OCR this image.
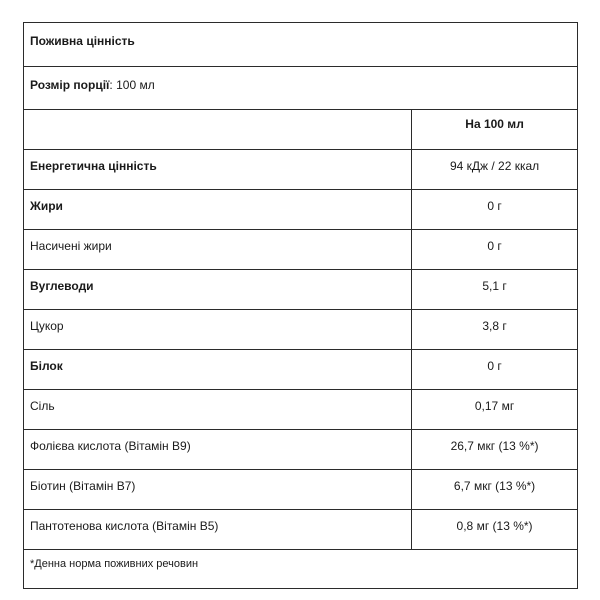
Поживна цінність	
Розмір порції: 100 мл	
	На 100 мл
Енергетична цінність	94 кДж / 22 ккал
Жири	0 г
Насичені жири	0 г
Вуглеводи	5,1 г
Цукор	3,8 г
Білок	0 г
Сіль	0,17 мг
Фолієва кислота (Вітамін В9)	26,7 мкг (13 %*)
Біотин (Вітамін В7)	6,7 мкг (13 %*)
Пантотенова кислота (Вітамін В5)	0,8 мг (13 %*)
*Денна норма поживних речовин	
